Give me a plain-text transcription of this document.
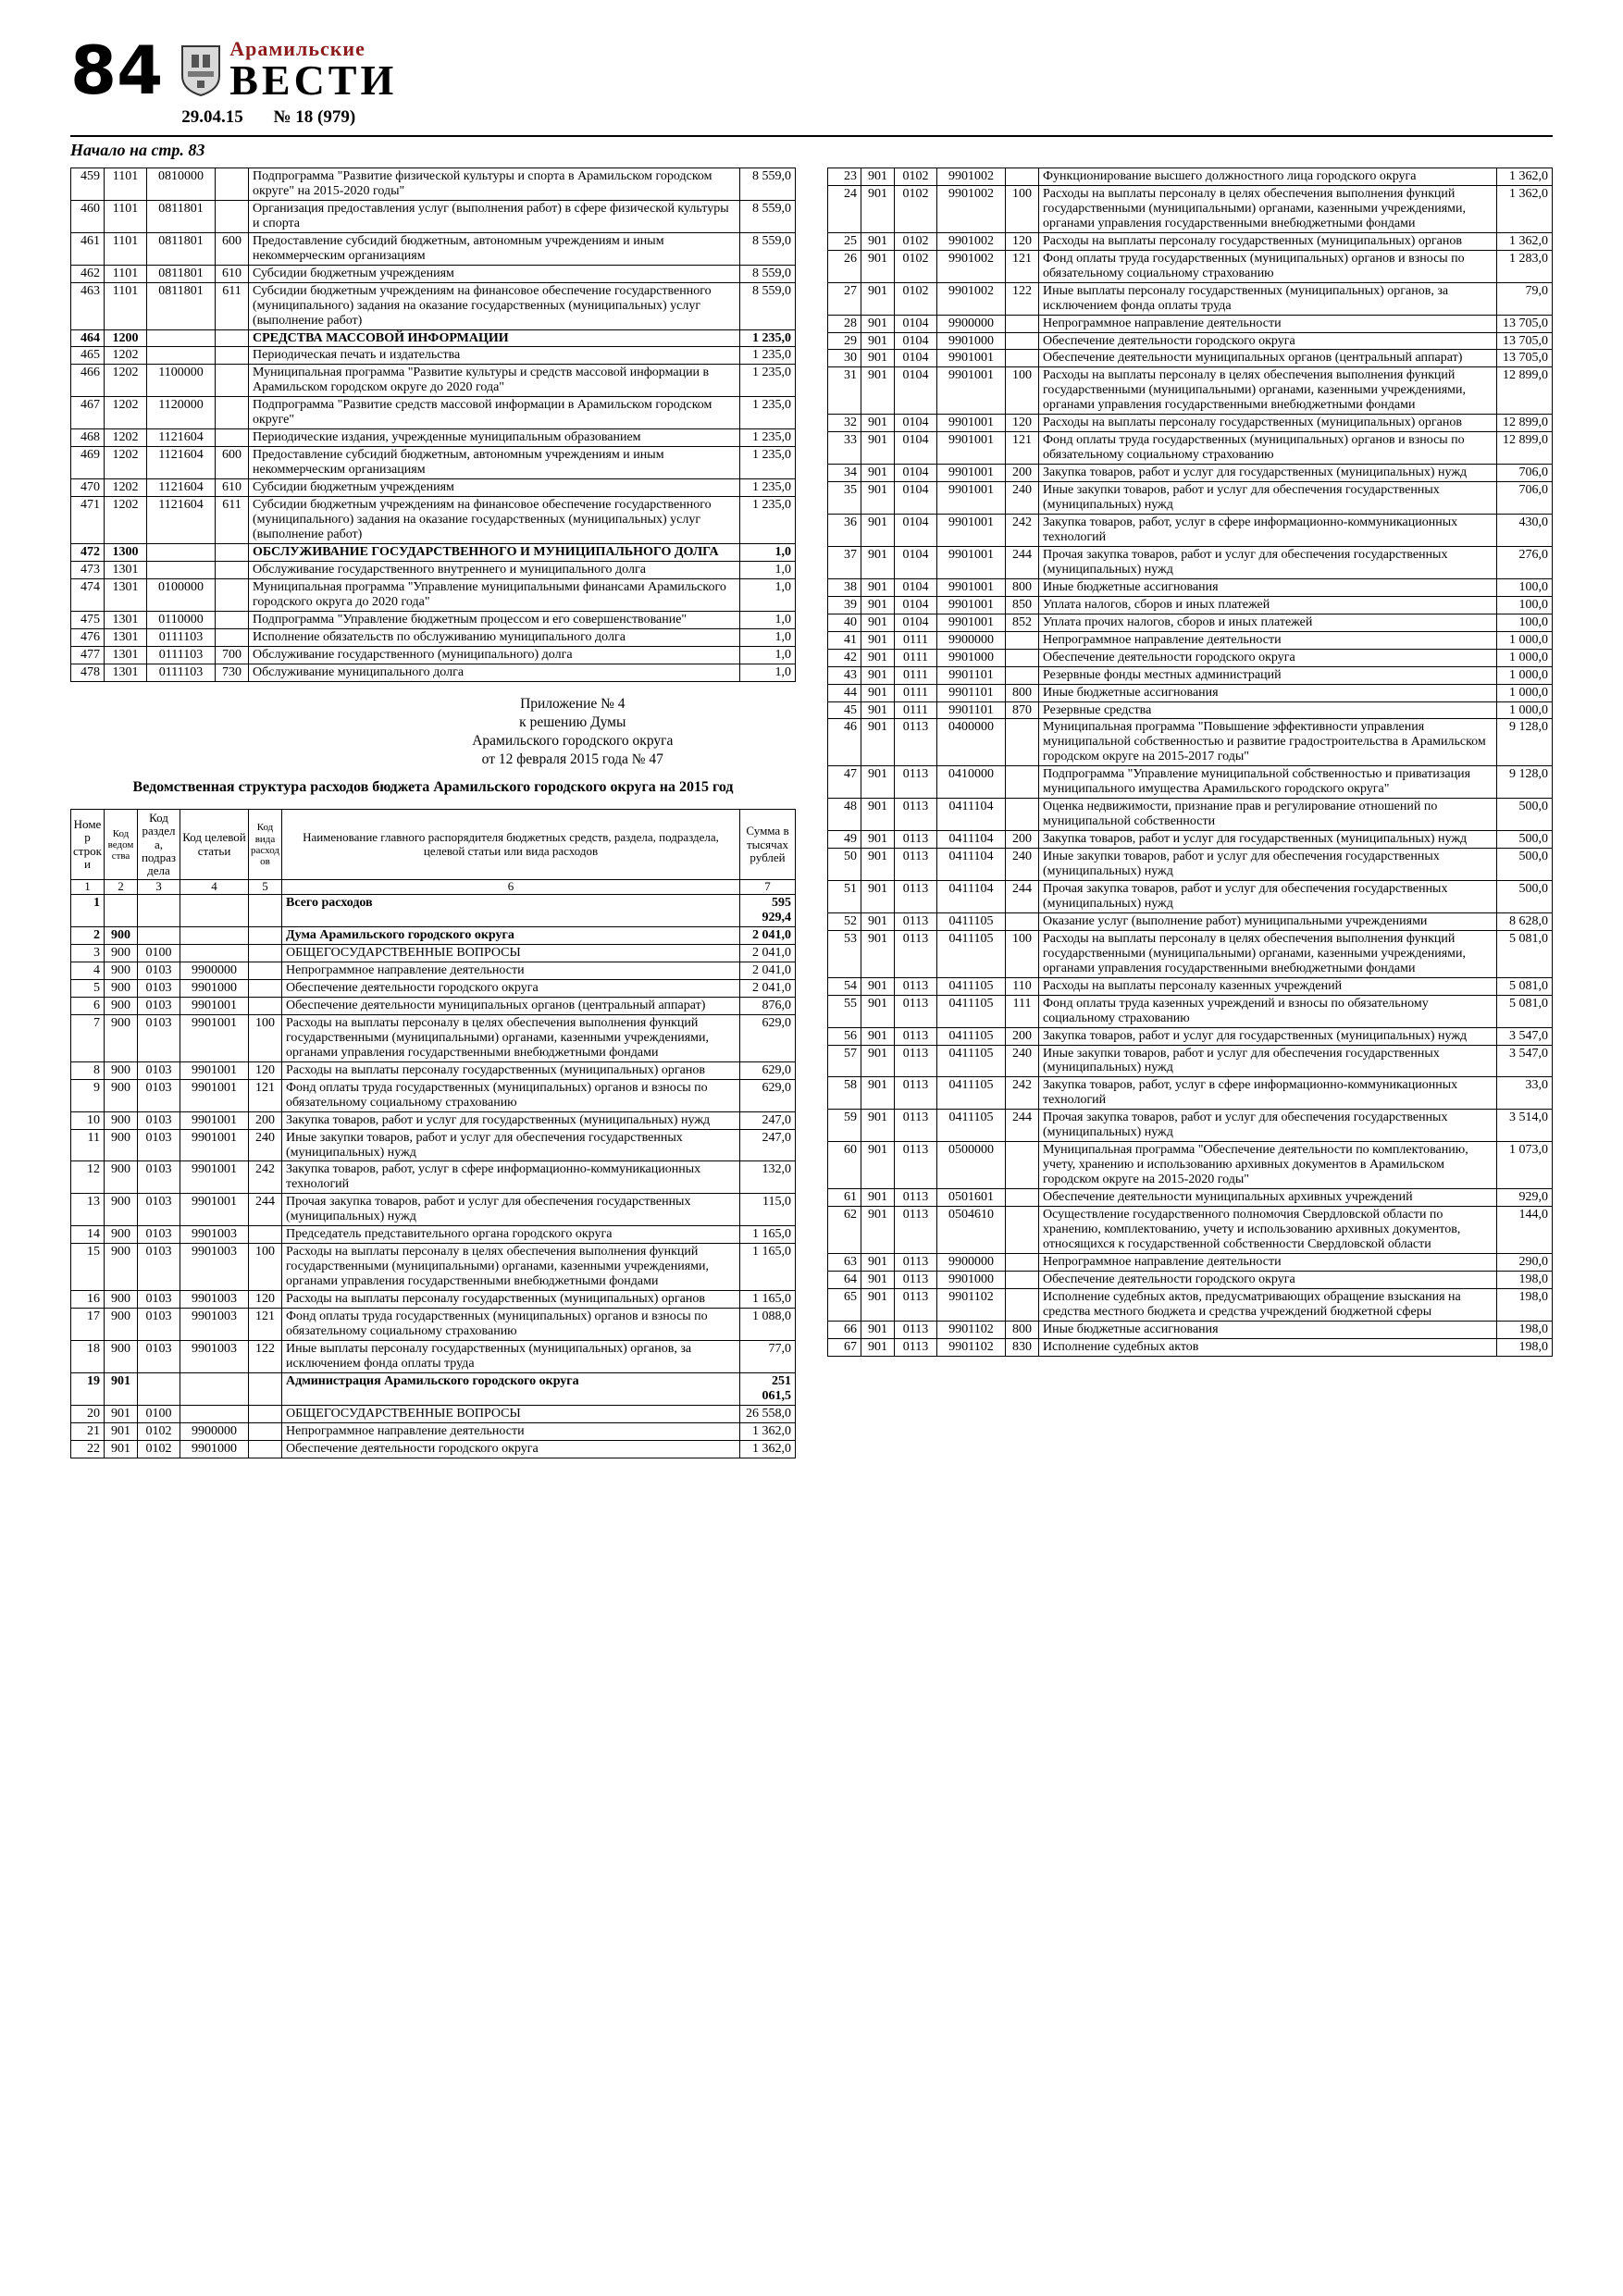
84	Арамильские
ВЕСТИ
29.04.15 № 18 (979)
Начало на стр. 83
459	1101	0810000		Подпрограмма "Развитие физической культуры и спорта в Арамильском городском округе" на 2015-2020 годы"	8 559,0
460	1101	0811801		Организация предоставления услуг (выполнения работ) в сфере физической культуры и спорта	8 559,0
461	1101	0811801	600	Предоставление субсидий бюджетным, автономным учреждениям и иным некоммерческим организациям	8 559,0
462	1101	0811801	610	Субсидии бюджетным учреждениям	8 559,0
463	1101	0811801	611	Субсидии бюджетным учреждениям на финансовое обеспечение государственного (муниципального) задания на оказание государственных (муниципальных) услуг (выполнение работ)	8 559,0
464	1200			СРЕДСТВА МАССОВОЙ ИНФОРМАЦИИ	1 235,0
465	1202			Периодическая печать и издательства	1 235,0
466	1202	1100000		Муниципальная программа "Развитие культуры и средств массовой информации в Арамильском городском округе до 2020 года"	1 235,0
467	1202	1120000		Подпрограмма "Развитие средств массовой информации в Арамильском городском округе"	1 235,0
468	1202	1121604		Периодические издания, учрежденные муниципальным образованием	1 235,0
469	1202	1121604	600	Предоставление субсидий бюджетным, автономным учреждениям и иным некоммерческим организациям	1 235,0
470	1202	1121604	610	Субсидии бюджетным учреждениям	1 235,0
471	1202	1121604	611	Субсидии бюджетным учреждениям на финансовое обеспечение государственного (муниципального) задания на оказание государственных (муниципальных) услуг (выполнение работ)	1 235,0
472	1300			ОБСЛУЖИВАНИЕ ГОСУДАРСТВЕННОГО И МУНИЦИПАЛЬНОГО ДОЛГА	1,0
473	1301			Обслуживание государственного внутреннего и муниципального долга	1,0
474	1301	0100000		Муниципальная программа "Управление муниципальными финансами Арамильского городского округа до 2020 года"	1,0
475	1301	0110000		Подпрограмма "Управление бюджетным процессом и его совершенствование"	1,0
476	1301	0111103		Исполнение обязательств по обслуживанию муниципального долга	1,0
477	1301	0111103	700	Обслуживание государственного (муниципального) долга	1,0
478	1301	0111103	730	Обслуживание муниципального долга	1,0
Приложение № 4
к решению Думы
Арамильского городского округа
от 12 февраля 2015 года № 47
Ведомственная структура расходов бюджета Арамильского городского округа на 2015 год
Номер строки	Код ведомства	Код раздела, подраздела	Код целевой статьи	Код вида расходов	Наименование главного распорядителя бюджетных средств, раздела, подраздела, целевой статьи или вида расходов	Сумма в тысячах рублей
1	2	3	4	5	6	7
1					Всего расходов	595 929,4
2	900				Дума Арамильского городского округа	2 041,0
3	900	0100			ОБЩЕГОСУДАРСТВЕННЫЕ ВОПРОСЫ	2 041,0
4	900	0103	9900000		Непрограммное направление деятельности	2 041,0
5	900	0103	9901000		Обеспечение деятельности городского округа	2 041,0
6	900	0103	9901001		Обеспечение деятельности муниципальных органов (центральный аппарат)	876,0
7	900	0103	9901001	100	Расходы на выплаты персоналу в целях обеспечения выполнения функций государственными (муниципальными) органами, казенными учреждениями, органами управления государственными внебюджетными фондами	629,0
8	900	0103	9901001	120	Расходы на выплаты персоналу государственных (муниципальных) органов	629,0
9	900	0103	9901001	121	Фонд оплаты труда государственных (муниципальных) органов и взносы по обязательному социальному страхованию	629,0
10	900	0103	9901001	200	Закупка товаров, работ и услуг для государственных (муниципальных) нужд	247,0
11	900	0103	9901001	240	Иные закупки товаров, работ и услуг для обеспечения государственных (муниципальных) нужд	247,0
12	900	0103	9901001	242	Закупка товаров, работ, услуг в сфере информационно-коммуникационных технологий	132,0
13	900	0103	9901001	244	Прочая закупка товаров, работ и услуг для обеспечения государственных (муниципальных) нужд	115,0
14	900	0103	9901003		Председатель представительного органа городского округа	1 165,0
15	900	0103	9901003	100	Расходы на выплаты персоналу в целях обеспечения выполнения функций государственными (муниципальными) органами, казенными учреждениями, органами управления государственными внебюджетными фондами	1 165,0
16	900	0103	9901003	120	Расходы на выплаты персоналу государственных (муниципальных) органов	1 165,0
17	900	0103	9901003	121	Фонд оплаты труда государственных (муниципальных) органов и взносы по обязательному социальному страхованию	1 088,0
18	900	0103	9901003	122	Иные выплаты персоналу государственных (муниципальных) органов, за исключением фонда оплаты труда	77,0
19	901				Администрация Арамильского городского округа	251 061,5
20	901	0100			ОБЩЕГОСУДАРСТВЕННЫЕ ВОПРОСЫ	26 558,0
21	901	0102	9900000		Непрограммное направление деятельности	1 362,0
22	901	0102	9901000		Обеспечение деятельности городского округа	1 362,0
23	901	0102	9901002		Функционирование высшего должностного лица городского округа	1 362,0
24	901	0102	9901002	100	Расходы на выплаты персоналу в целях обеспечения выполнения функций государственными (муниципальными) органами, казенными учреждениями, органами управления государственными внебюджетными фондами	1 362,0
25	901	0102	9901002	120	Расходы на выплаты персоналу государственных (муниципальных) органов	1 362,0
26	901	0102	9901002	121	Фонд оплаты труда государственных (муниципальных) органов и взносы по обязательному социальному страхованию	1 283,0
27	901	0102	9901002	122	Иные выплаты персоналу государственных (муниципальных) органов, за исключением фонда оплаты труда	79,0
28	901	0104	9900000		Непрограммное направление деятельности	13 705,0
29	901	0104	9901000		Обеспечение деятельности городского округа	13 705,0
30	901	0104	9901001		Обеспечение деятельности муниципальных органов (центральный аппарат)	13 705,0
31	901	0104	9901001	100	Расходы на выплаты персоналу в целях обеспечения выполнения функций государственными (муниципальными) органами, казенными учреждениями, органами управления государственными внебюджетными фондами	12 899,0
32	901	0104	9901001	120	Расходы на выплаты персоналу государственных (муниципальных) органов	12 899,0
33	901	0104	9901001	121	Фонд оплаты труда государственных (муниципальных) органов и взносы по обязательному социальному страхованию	12 899,0
34	901	0104	9901001	200	Закупка товаров, работ и услуг для государственных (муниципальных) нужд	706,0
35	901	0104	9901001	240	Иные закупки товаров, работ и услуг для обеспечения государственных (муниципальных) нужд	706,0
36	901	0104	9901001	242	Закупка товаров, работ, услуг в сфере информационно-коммуникационных технологий	430,0
37	901	0104	9901001	244	Прочая закупка товаров, работ и услуг для обеспечения государственных (муниципальных) нужд	276,0
38	901	0104	9901001	800	Иные бюджетные ассигнования	100,0
39	901	0104	9901001	850	Уплата налогов, сборов и иных платежей	100,0
40	901	0104	9901001	852	Уплата прочих налогов, сборов и иных платежей	100,0
41	901	0111	9900000		Непрограммное направление деятельности	1 000,0
42	901	0111	9901000		Обеспечение деятельности городского округа	1 000,0
43	901	0111	9901101		Резервные фонды местных администраций	1 000,0
44	901	0111	9901101	800	Иные бюджетные ассигнования	1 000,0
45	901	0111	9901101	870	Резервные средства	1 000,0
46	901	0113	0400000		Муниципальная программа "Повышение эффективности управления муниципальной собственностью и развитие градостроительства в Арамильском городском округе на 2015-2017 годы"	9 128,0
47	901	0113	0410000		Подпрограмма "Управление муниципальной собственностью и приватизация муниципального имущества Арамильского городского округа"	9 128,0
48	901	0113	0411104		Оценка недвижимости, признание прав и регулирование отношений по муниципальной собственности	500,0
49	901	0113	0411104	200	Закупка товаров, работ и услуг для государственных (муниципальных) нужд	500,0
50	901	0113	0411104	240	Иные закупки товаров, работ и услуг для обеспечения государственных (муниципальных) нужд	500,0
51	901	0113	0411104	244	Прочая закупка товаров, работ и услуг для обеспечения государственных (муниципальных) нужд	500,0
52	901	0113	0411105		Оказание услуг (выполнение работ) муниципальными учреждениями	8 628,0
53	901	0113	0411105	100	Расходы на выплаты персоналу в целях обеспечения выполнения функций государственными (муниципальными) органами, казенными учреждениями, органами управления государственными внебюджетными фондами	5 081,0
54	901	0113	0411105	110	Расходы на выплаты персоналу казенных учреждений	5 081,0
55	901	0113	0411105	111	Фонд оплаты труда казенных учреждений и взносы по обязательному социальному страхованию	5 081,0
56	901	0113	0411105	200	Закупка товаров, работ и услуг для государственных (муниципальных) нужд	3 547,0
57	901	0113	0411105	240	Иные закупки товаров, работ и услуг для обеспечения государственных (муниципальных) нужд	3 547,0
58	901	0113	0411105	242	Закупка товаров, работ, услуг в сфере информационно-коммуникационных технологий	33,0
59	901	0113	0411105	244	Прочая закупка товаров, работ и услуг для обеспечения государственных (муниципальных) нужд	3 514,0
60	901	0113	0500000		Муниципальная программа "Обеспечение деятельности по комплектованию, учету, хранению и использованию архивных документов в Арамильском городском округе на 2015-2020 годы"	1 073,0
61	901	0113	0501601		Обеспечение деятельности муниципальных архивных учреждений	929,0
62	901	0113	0504610		Осуществление государственного полномочия Свердловской области по хранению, комплектованию, учету и использованию архивных документов, относящихся к государственной собственности Свердловской области	144,0
63	901	0113	9900000		Непрограммное направление деятельности	290,0
64	901	0113	9901000		Обеспечение деятельности городского округа	198,0
65	901	0113	9901102		Исполнение судебных актов, предусматривающих обращение взыскания на средства местного бюджета и средства учреждений бюджетной сферы	198,0
66	901	0113	9901102	800	Иные бюджетные ассигнования	198,0
67	901	0113	9901102	830	Исполнение судебных актов	198,0
